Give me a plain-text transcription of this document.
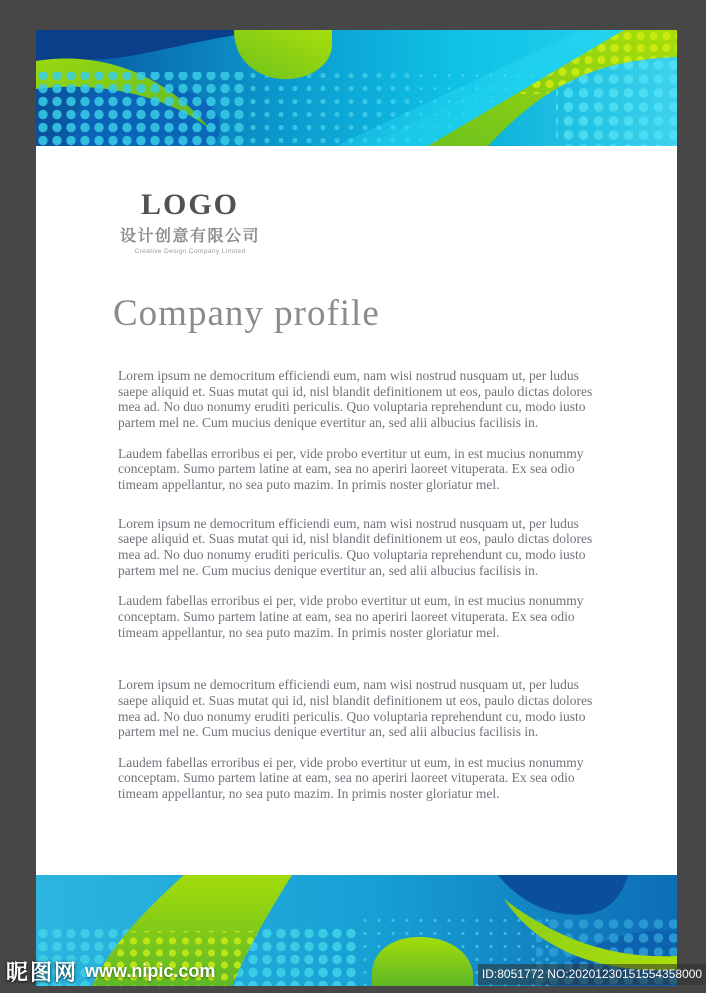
LOGO
设计创意有限公司
Creative Design Company Limited
Company profile

Lorem ipsum ne democritum efficiendi eum, nam wisi nostrud nusquam ut, per ludus saepe aliquid et. Suas mutat qui id, nisl blandit definitionem ut eos, paulo dictas dolores mea ad. No duo nonumy eruditi periculis. Quo voluptaria reprehendunt cu, modo iusto partem mel ne. Cum mucius denique evertitur an, sed alii albucius facilisis in.

Laudem fabellas erroribus ei per, vide probo evertitur ut eum, in est mucius nonummy conceptam. Sumo partem latine at eam, sea no aperiri laoreet vituperata. Ex sea odio timeam appellantur, no sea puto mazim. In primis noster gloriatur mel.

Lorem ipsum ne democritum efficiendi eum, nam wisi nostrud nusquam ut, per ludus saepe aliquid et. Suas mutat qui id, nisl blandit definitionem ut eos, paulo dictas dolores mea ad. No duo nonumy eruditi periculis. Quo voluptaria reprehendunt cu, modo iusto partem mel ne. Cum mucius denique evertitur an, sed alii albucius facilisis in.

Laudem fabellas erroribus ei per, vide probo evertitur ut eum, in est mucius nonummy conceptam. Sumo partem latine at eam, sea no aperiri laoreet vituperata. Ex sea odio timeam appellantur, no sea puto mazim. In primis noster gloriatur mel.

Lorem ipsum ne democritum efficiendi eum, nam wisi nostrud nusquam ut, per ludus saepe aliquid et. Suas mutat qui id, nisl blandit definitionem ut eos, paulo dictas dolores mea ad. No duo nonumy eruditi periculis. Quo voluptaria reprehendunt cu, modo iusto partem mel ne. Cum mucius denique evertitur an, sed alii albucius facilisis in.

Laudem fabellas erroribus ei per, vide probo evertitur ut eum, in est mucius nonummy conceptam. Sumo partem latine at eam, sea no aperiri laoreet vituperata. Ex sea odio timeam appellantur, no sea puto mazim. In primis noster gloriatur mel.

昵图网 www.nipic.com	ID:8051772 NO:20201230151554358000
